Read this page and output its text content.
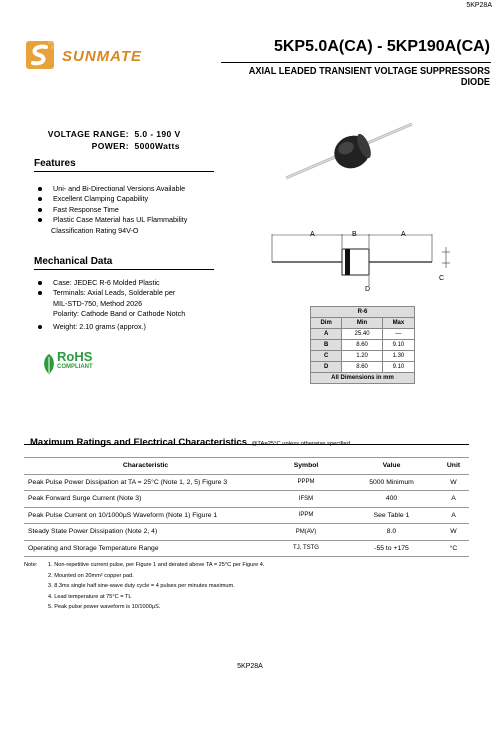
5KP28A
SUNMATE
5KP5.0A(CA) - 5KP190A(CA)
AXIAL LEADED TRANSIENT VOLTAGE SUPPRESSORS DIODE
VOLTAGE RANGE: 5.0 - 190 V
POWER: 5000Watts
Features
Uni- and Bi-Directional Versions Available
Excellent Clamping Capability
Fast Response Time
Plastic Case Material has UL Flammability
Classification Rating 94V-O
Mechanical Data
Case: JEDEC R-6 Molded Plastic
Terminals: Axial Leads, Solderable per
MIL-STD-750, Method 2026
Polarity: Cathode Band or Cathode Notch
Weight: 2.10 grams (approx.)
RoHS
COMPLIANT
A	B	A
C
D
R-6		
Dim	Min	Max
A	25.40	—
B	8.60	9.10
C	1.20	1.30
D	8.60	9.10
All Dimensions in mm		
Maximum Ratings and Electrical Characteristics @TA=25°C unless otherwise specified
Characteristic	Symbol	Value	Unit
Peak Pulse Power Dissipation at TA = 25°C (Note 1, 2, 5) Figure 3	PPPM	5000 Minimum	W
Peak Forward Surge Current (Note 3)	IFSM	400	A
Peak Pulse Current on 10/1000μS Waveform (Note 1) Figure 1	IPPM	See Table 1	A
Steady State Power Dissipation (Note 2, 4)	PM(AV)	8.0	W
Operating and Storage Temperature Range	TJ, TSTG	-55 to +175	°C
Note:	1. Non-repetitive current pulse, per Figure 1 and derated above TA = 25°C per Figure 4.
2. Mounted on 20mm² copper pad.
3. 8.3ms single half sine-wave duty cycle = 4 pulses per minutes maximum.
4. Lead temperature at 75°C = TL
5. Peak pulse power waveform is 10/1000μS.
5KP28A
